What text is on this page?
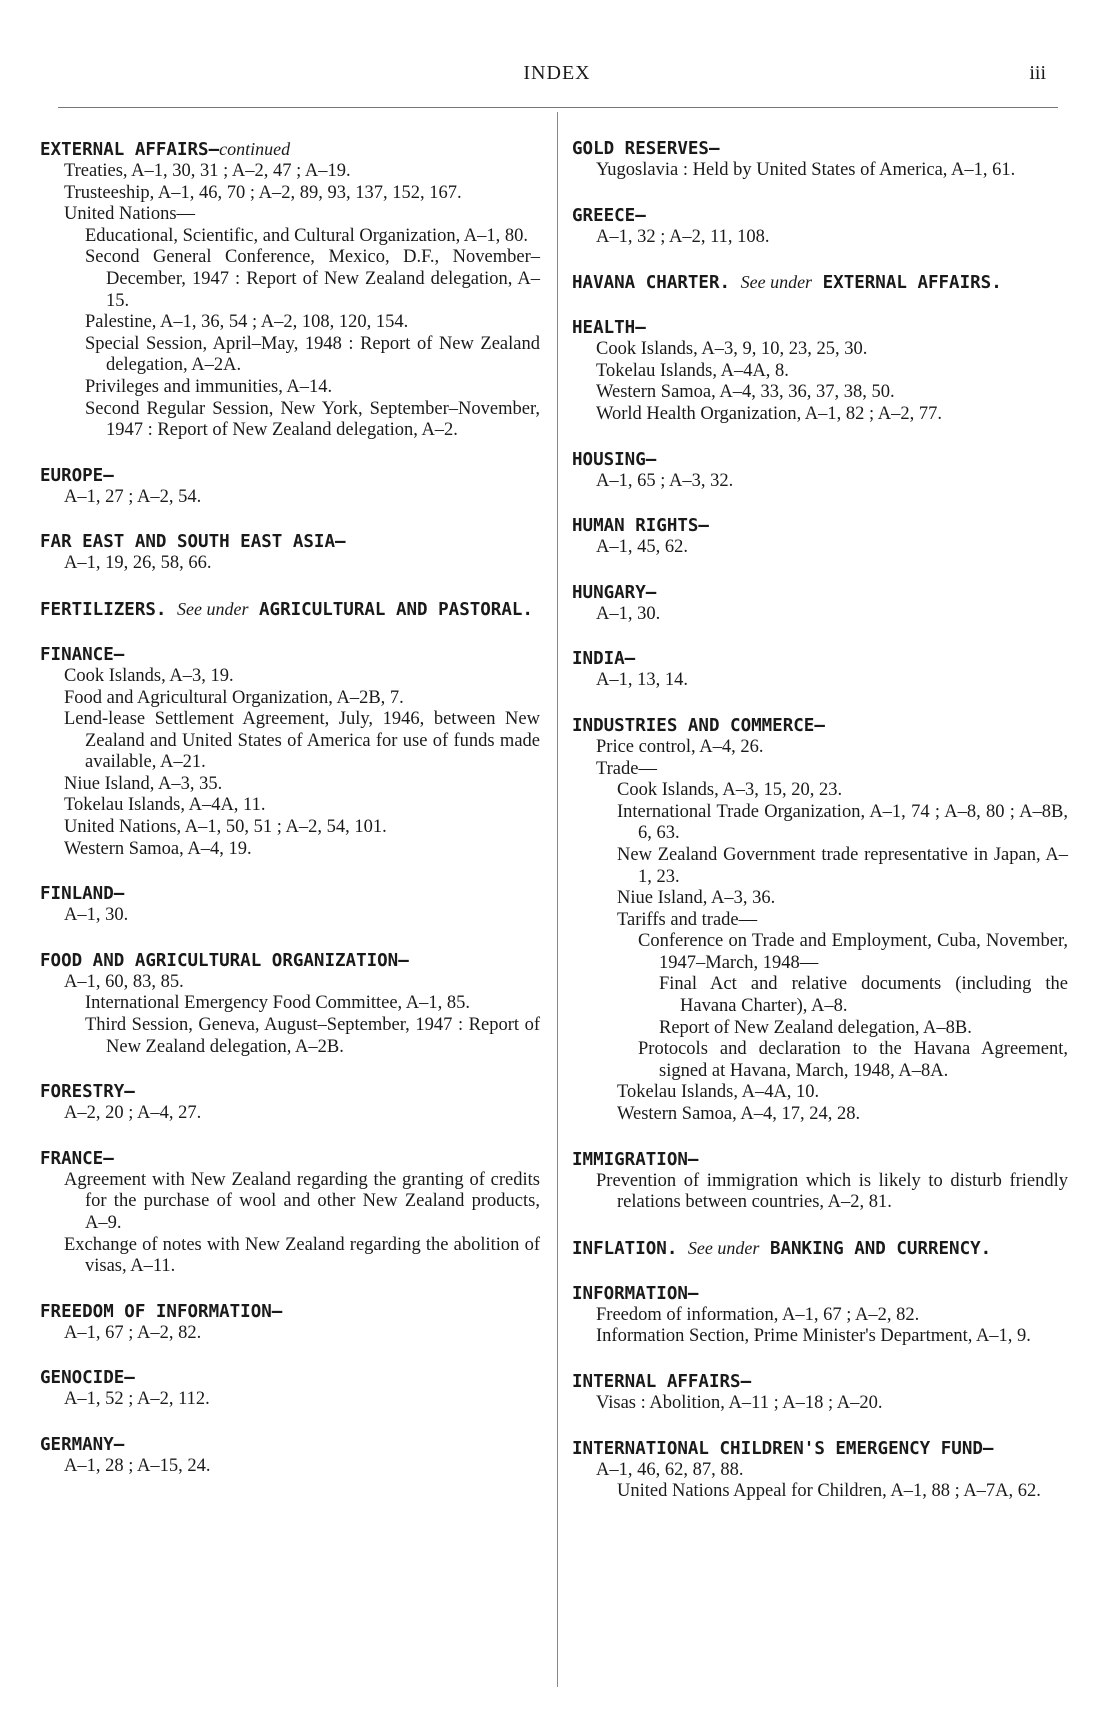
INDEX	iii
EXTERNAL AFFAIRS—continued
Treaties, A–1, 30, 31 ; A–2, 47 ; A–19.
Trusteeship, A–1, 46, 70 ; A–2, 89, 93, 137, 152, 167.
United Nations—
Educational, Scientific, and Cultural Organization, A–1, 80.
Second General Conference, Mexico, D.F., November–December, 1947 : Report of New Zealand delegation, A–15.
Palestine, A–1, 36, 54 ; A–2, 108, 120, 154.
Special Session, April–May, 1948 : Report of New Zealand delegation, A–2A.
Privileges and immunities, A–14.
Second Regular Session, New York, September–November, 1947 : Report of New Zealand delegation, A–2.
EUROPE—
A–1, 27 ; A–2, 54.
FAR EAST AND SOUTH EAST ASIA—
A–1, 19, 26, 58, 66.
FERTILIZERS. See under AGRICULTURAL AND PASTORAL.
FINANCE—
Cook Islands, A–3, 19.
Food and Agricultural Organization, A–2B, 7.
Lend-lease Settlement Agreement, July, 1946, between New Zealand and United States of America for use of funds made available, A–21.
Niue Island, A–3, 35.
Tokelau Islands, A–4A, 11.
United Nations, A–1, 50, 51 ; A–2, 54, 101.
Western Samoa, A–4, 19.
FINLAND—
A–1, 30.
FOOD AND AGRICULTURAL ORGANIZATION—
A–1, 60, 83, 85.
International Emergency Food Committee, A–1, 85.
Third Session, Geneva, August–September, 1947 : Report of New Zealand delegation, A–2B.
FORESTRY—
A–2, 20 ; A–4, 27.
FRANCE—
Agreement with New Zealand regarding the granting of credits for the purchase of wool and other New Zealand products, A–9.
Exchange of notes with New Zealand regarding the abolition of visas, A–11.
FREEDOM OF INFORMATION—
A–1, 67 ; A–2, 82.
GENOCIDE—
A–1, 52 ; A–2, 112.
GERMANY—
A–1, 28 ; A–15, 24.
GOLD RESERVES—
Yugoslavia : Held by United States of America, A–1, 61.
GREECE—
A–1, 32 ; A–2, 11, 108.
HAVANA CHARTER. See under EXTERNAL AFFAIRS.
HEALTH—
Cook Islands, A–3, 9, 10, 23, 25, 30.
Tokelau Islands, A–4A, 8.
Western Samoa, A–4, 33, 36, 37, 38, 50.
World Health Organization, A–1, 82 ; A–2, 77.
HOUSING—
A–1, 65 ; A–3, 32.
HUMAN RIGHTS—
A–1, 45, 62.
HUNGARY—
A–1, 30.
INDIA—
A–1, 13, 14.
INDUSTRIES AND COMMERCE—
Price control, A–4, 26.
Trade—
Cook Islands, A–3, 15, 20, 23.
International Trade Organization, A–1, 74 ; A–8, 80 ; A–8B, 6, 63.
New Zealand Government trade representative in Japan, A–1, 23.
Niue Island, A–3, 36.
Tariffs and trade—
Conference on Trade and Employment, Cuba, November, 1947–March, 1948—
Final Act and relative documents (including the Havana Charter), A–8.
Report of New Zealand delegation, A–8B.
Protocols and declaration to the Havana Agreement, signed at Havana, March, 1948, A–8A.
Tokelau Islands, A–4A, 10.
Western Samoa, A–4, 17, 24, 28.
IMMIGRATION—
Prevention of immigration which is likely to disturb friendly relations between countries, A–2, 81.
INFLATION. See under BANKING AND CURRENCY.
INFORMATION—
Freedom of information, A–1, 67 ; A–2, 82.
Information Section, Prime Minister's Department, A–1, 9.
INTERNAL AFFAIRS—
Visas : Abolition, A–11 ; A–18 ; A–20.
INTERNATIONAL CHILDREN'S EMERGENCY FUND—
A–1, 46, 62, 87, 88.
United Nations Appeal for Children, A–1, 88 ; A–7A, 62.
